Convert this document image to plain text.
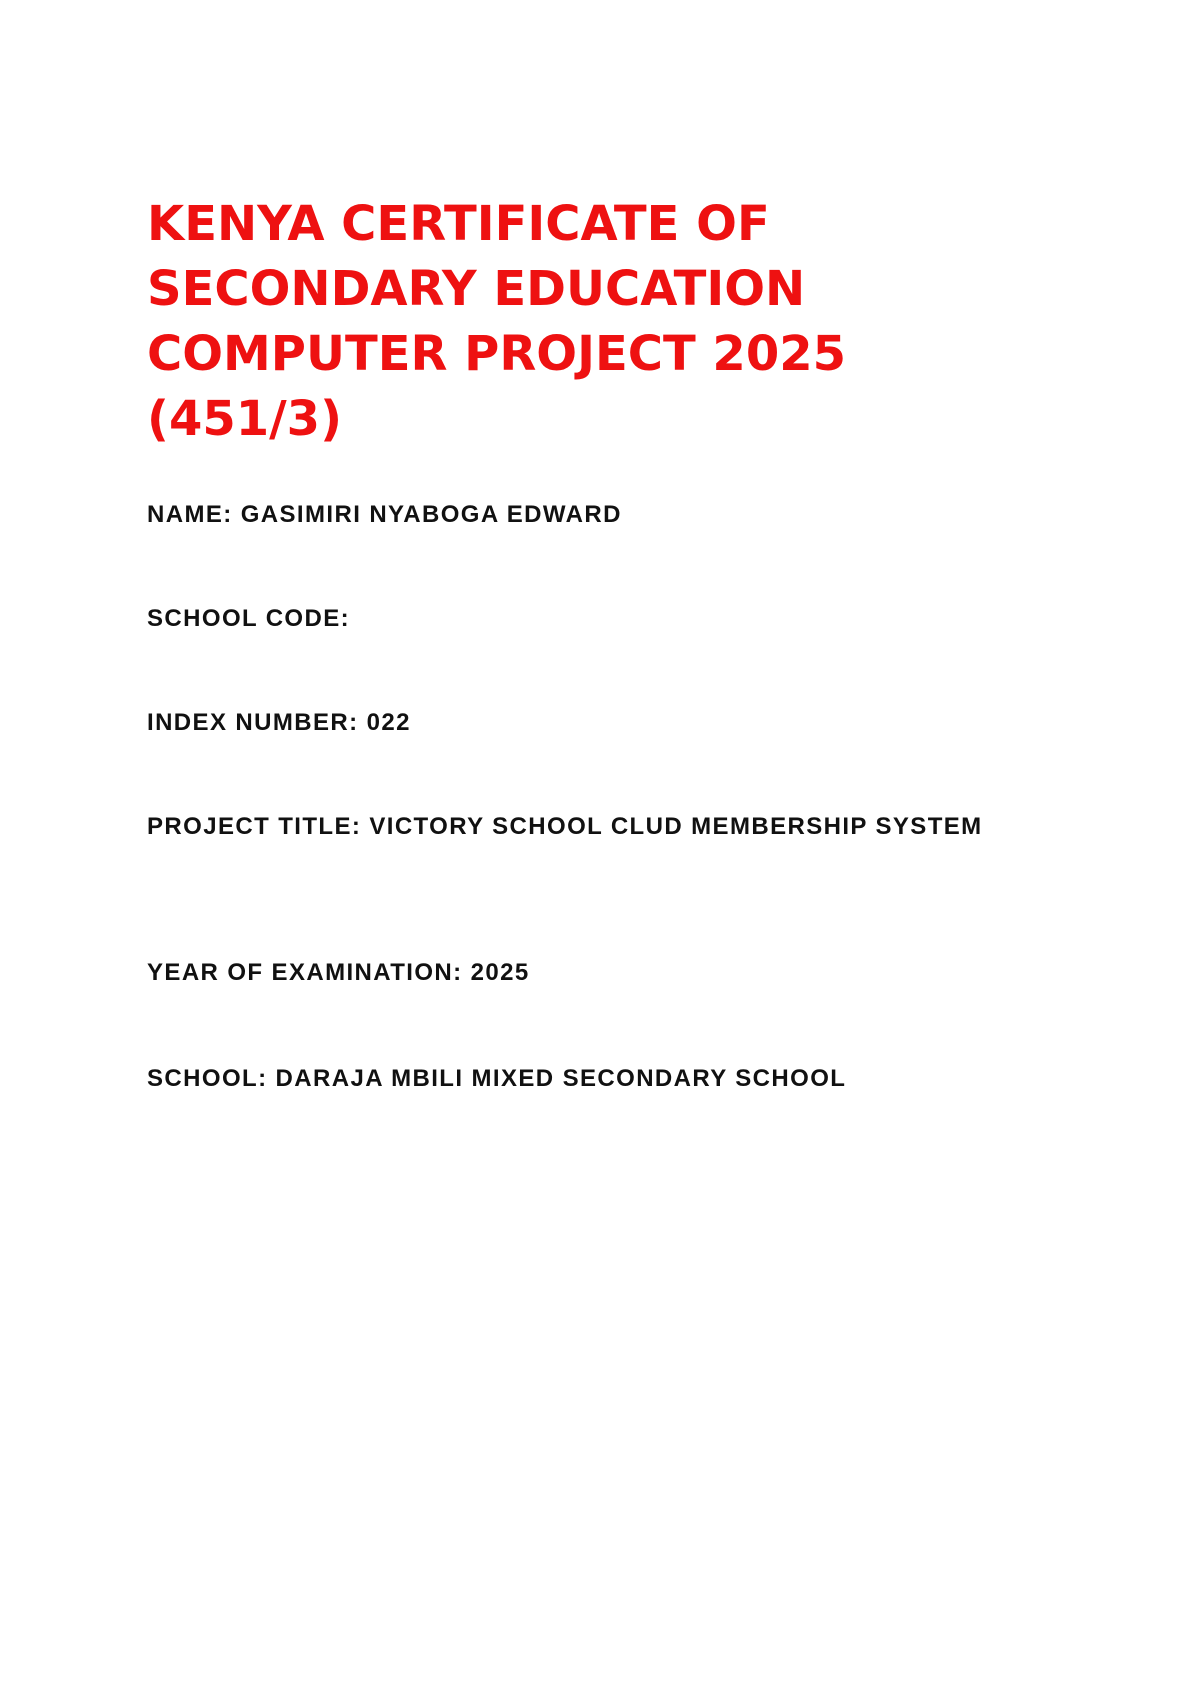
KENYA CERTIFICATE OF
SECONDARY EDUCATION
COMPUTER PROJECT 2025
(451/3)

NAME: GASIMIRI NYABOGA EDWARD

SCHOOL CODE:

INDEX NUMBER: 022

PROJECT TITLE: VICTORY SCHOOL CLUD MEMBERSHIP SYSTEM

YEAR OF EXAMINATION: 2025

SCHOOL: DARAJA MBILI MIXED SECONDARY SCHOOL
